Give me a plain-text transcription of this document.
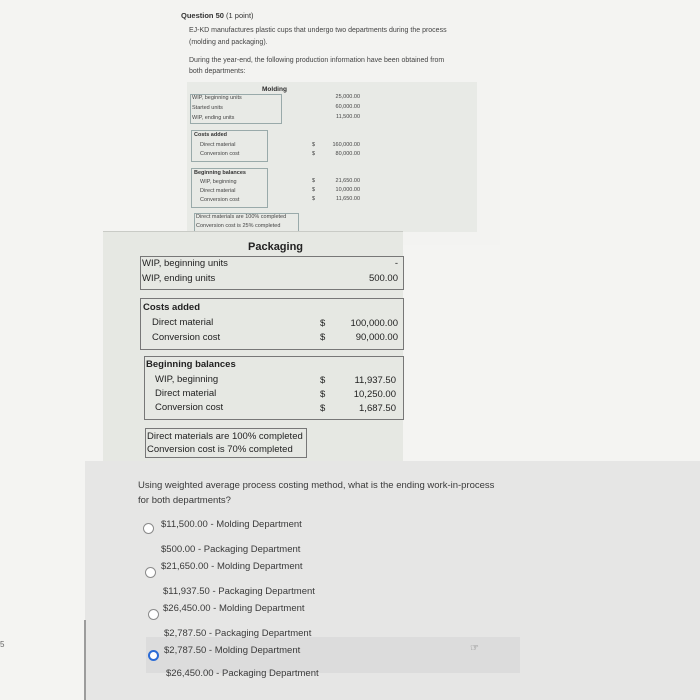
Question 50 (1 point)
EJ-KD manufactures plastic cups that undergo two departments during the process
(molding and packaging).
During the year-end, the following production information have been obtained from
both departments:
Molding
WIP, beginning units
Started units
WIP, ending units
25,000.00
60,000.00
11,500.00
Costs added
Direct material
Conversion cost
$
$
160,000.00
80,000.00
Beginning balances
WIP, beginning
Direct material
Conversion cost
$
$
$
21,650.00
10,000.00
11,650.00
Direct materials are 100% completed
Conversion cost is 25% completed
Packaging
WIP, beginning units
WIP, ending units
-
500.00
Costs added
Direct material
Conversion cost
$
$
100,000.00
90,000.00
Beginning balances
WIP, beginning
Direct material
Conversion cost
$
$
$
11,937.50
10,250.00
1,687.50
Direct materials are 100% completed
Conversion cost is 70% completed
Using weighted average process costing method, what is the ending work-in-process
for both departments?
$11,500.00 - Molding Department
$500.00 - Packaging Department
$21,650.00 - Molding Department
$11,937.50 - Packaging Department
$26,450.00 - Molding Department
$2,787.50 - Packaging Department
$2,787.50 - Molding Department
$26,450.00 - Packaging Department
☞
5
